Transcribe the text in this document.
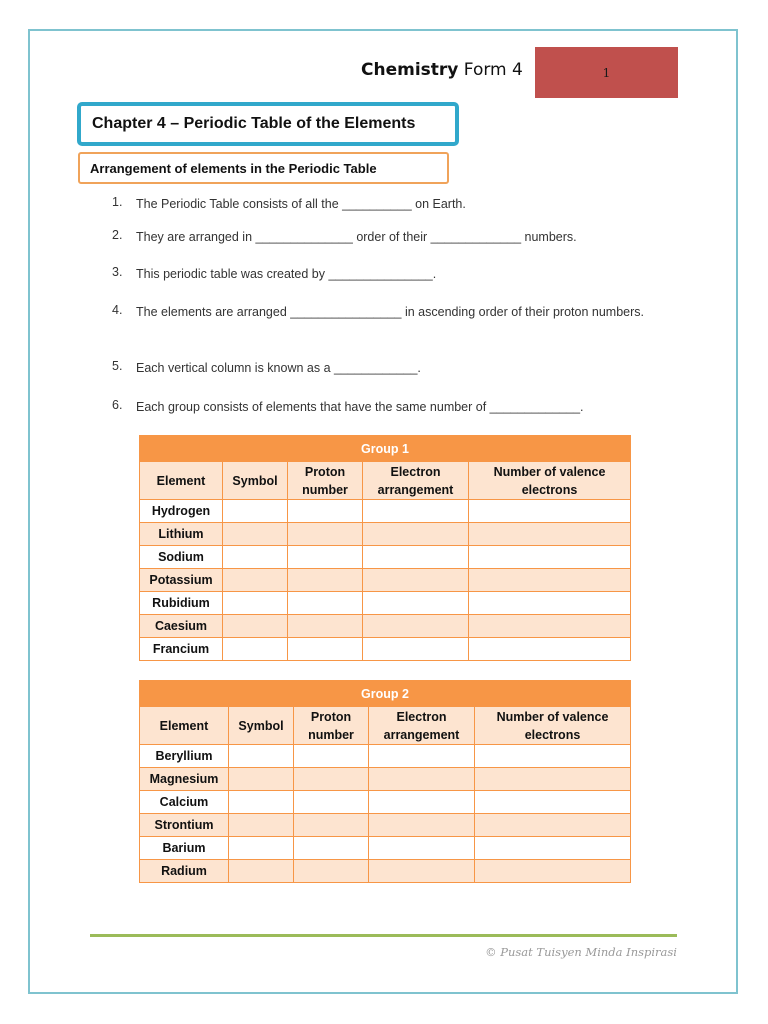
Chemistry Form 4	1
Chapter 4 – Periodic Table of the Elements
Arrangement of elements in the Periodic Table
1.	The Periodic Table consists of all the __________ on Earth.
2.	They are arranged in ______________ order of their _____________ numbers.
3.	This periodic table was created by _______________.
4.	The elements are arranged ________________ in ascending order of their proton numbers.
5.	Each vertical column is known as a ____________.
6.	Each group consists of elements that have the same number of _____________.
Group 1				
Element	Symbol	Proton number	Electron arrangement	Number of valence electrons
Hydrogen				
Lithium				
Sodium				
Potassium				
Rubidium				
Caesium				
Francium				
Group 2				
Element	Symbol	Proton number	Electron arrangement	Number of valence electrons
Beryllium				
Magnesium				
Calcium				
Strontium				
Barium				
Radium				
© Pusat Tuisyen Minda Inspirasi
